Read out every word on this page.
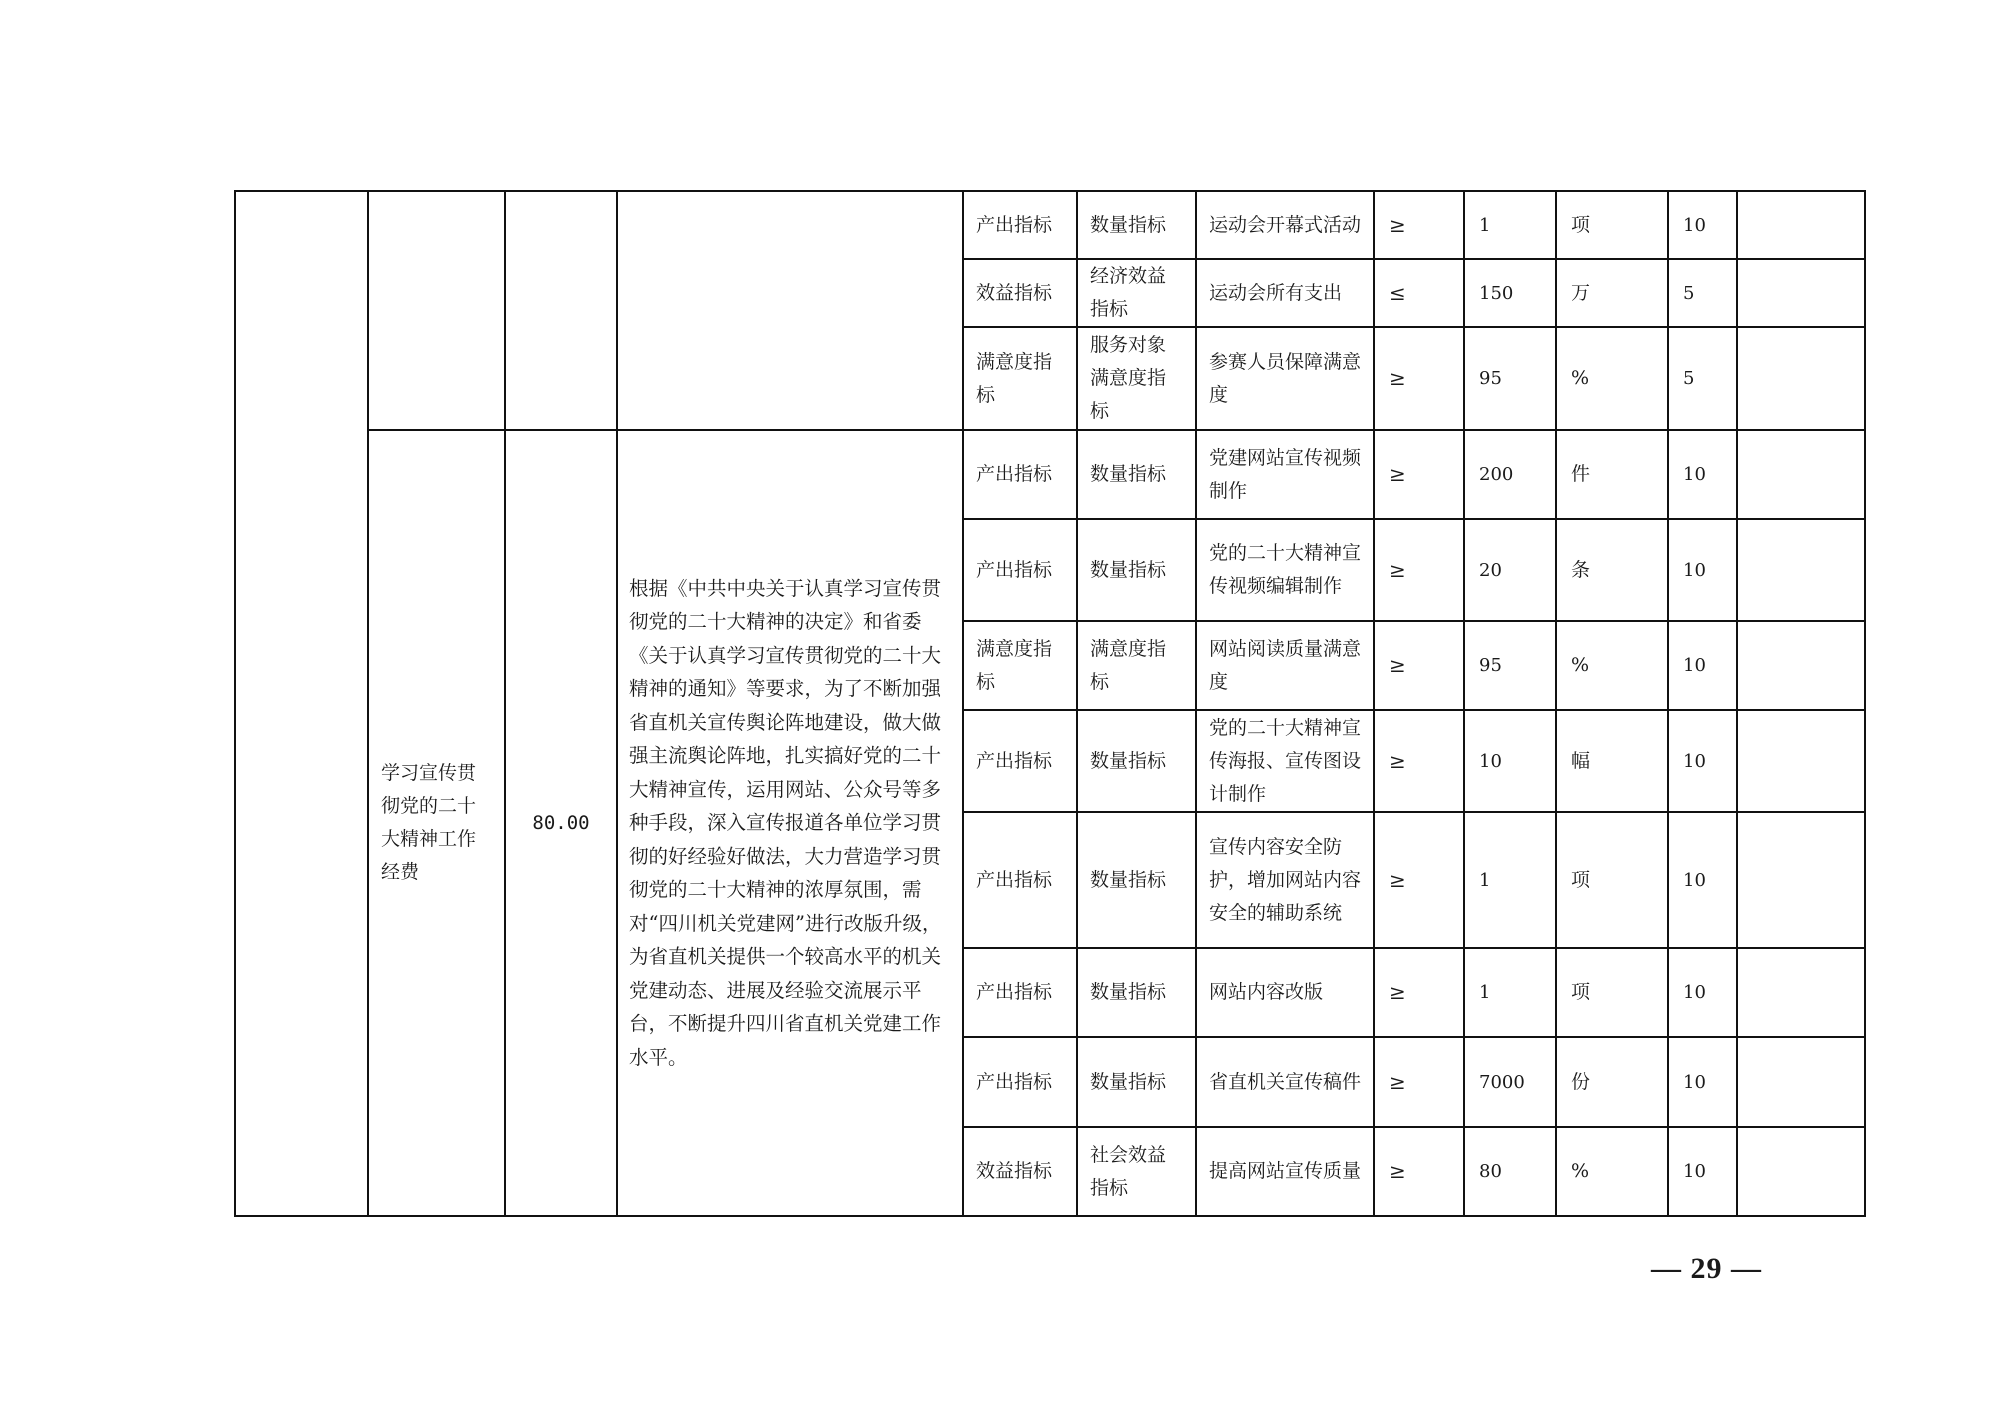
				产出指标	数量指标	运动会开幕式活动	≥	1	项	10	
				效益指标	经济效益指标	运动会所有支出	≤	150	万	5	
				满意度指标	服务对象满意度指标	参赛人员保障满意度	≥	95	%	5	
	学习宣传贯彻党的二十大精神工作经费	80.00	根据《中共中央关于认真学习宣传贯彻党的二十大精神的决定》和省委《关于认真学习宣传贯彻党的二十大精神的通知》等要求，为了不断加强省直机关宣传舆论阵地建设，做大做强主流舆论阵地，扎实搞好党的二十大精神宣传，运用网站、公众号等多种手段，深入宣传报道各单位学习贯彻的好经验好做法，大力营造学习贯彻党的二十大精神的浓厚氛围，需对“四川机关党建网”进行改版升级，为省直机关提供一个较高水平的机关党建动态、进展及经验交流展示平台，不断提升四川省直机关党建工作水平。	产出指标	数量指标	党建网站宣传视频制作	≥	200	件	10	
				产出指标	数量指标	党的二十大精神宣传视频编辑制作	≥	20	条	10	
				满意度指标	满意度指标	网站阅读质量满意度	≥	95	%	10	
				产出指标	数量指标	党的二十大精神宣传海报、宣传图设计制作	≥	10	幅	10	
				产出指标	数量指标	宣传内容安全防护，增加网站内容安全的辅助系统	≥	1	项	10	
				产出指标	数量指标	网站内容改版	≥	1	项	10	
				产出指标	数量指标	省直机关宣传稿件	≥	7000	份	10	
				效益指标	社会效益指标	提高网站宣传质量	≥	80	%	10	
— 29 —
